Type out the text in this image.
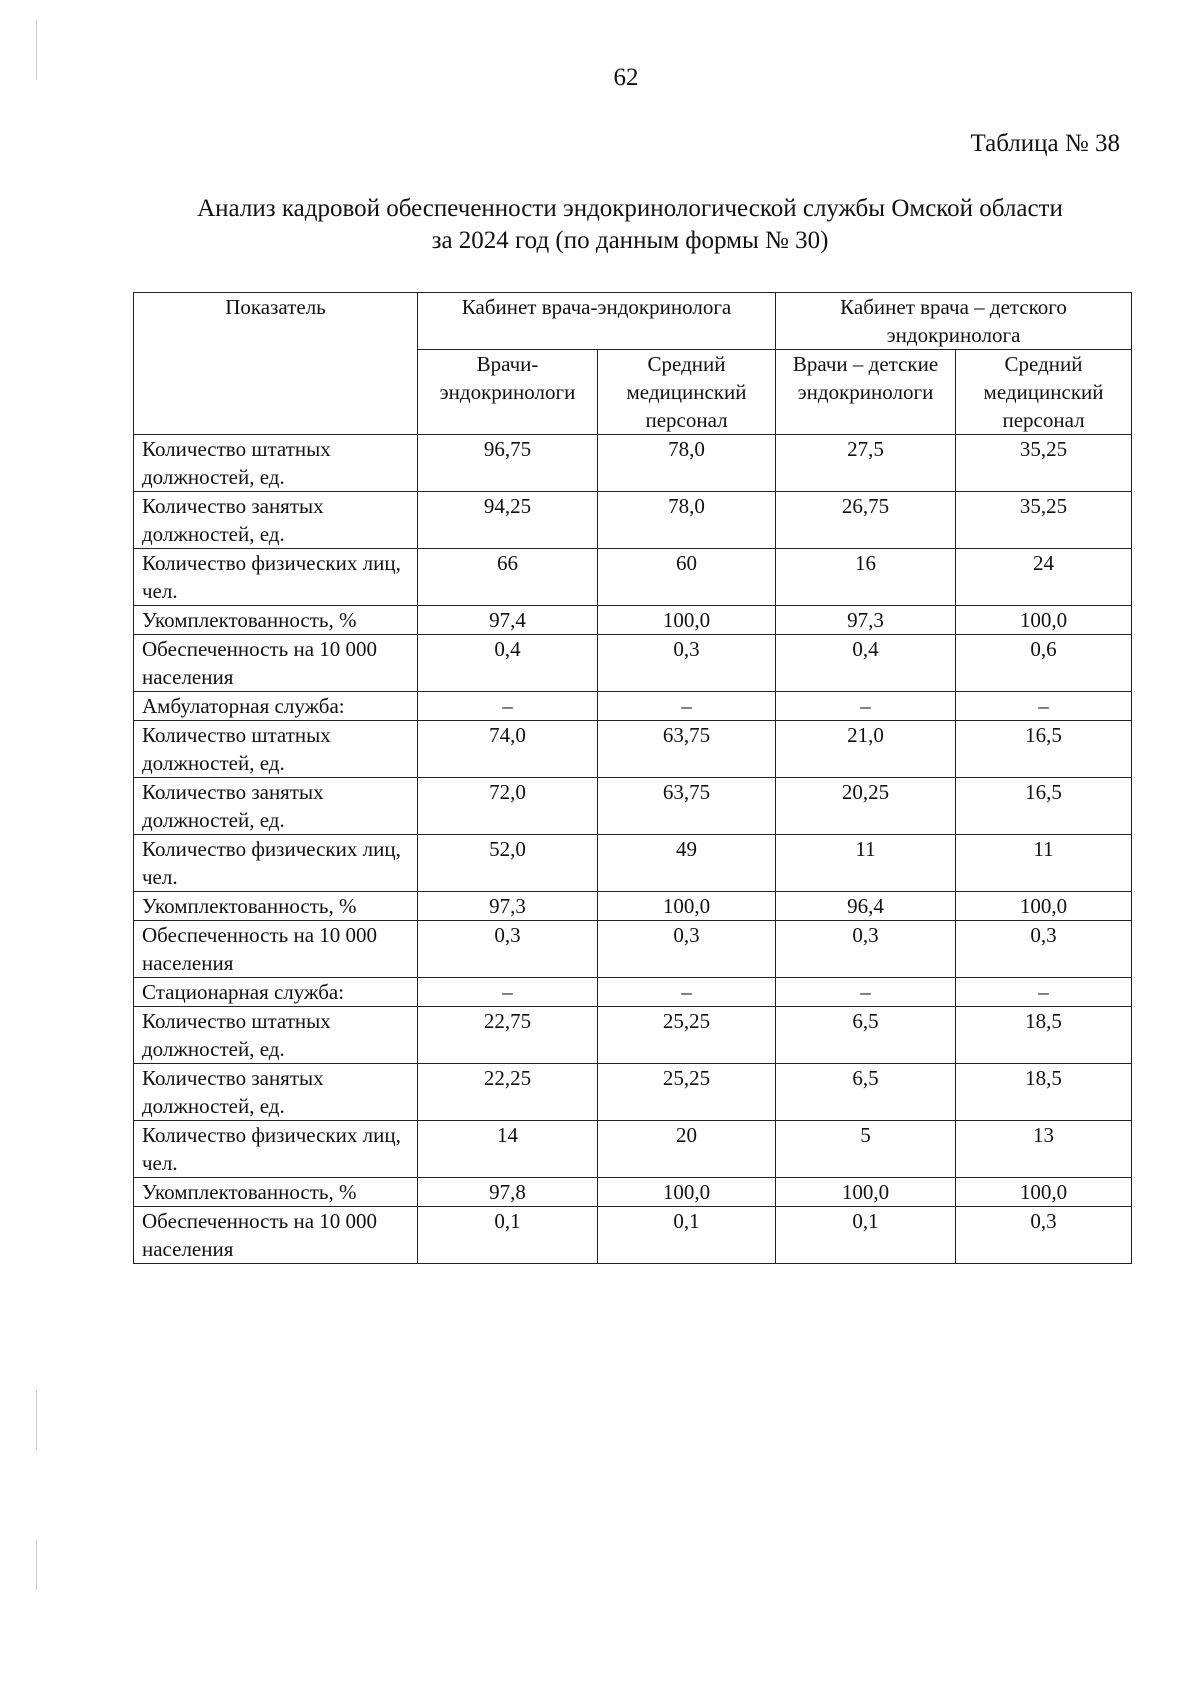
62
Таблица № 38
Анализ кадровой обеспеченности эндокринологической службы Омской области
за 2024 год (по данным формы № 30)
Показатель	Кабинет врача-эндокринолога		Кабинет врача – детского эндокринолога	
	Врачи-эндокринологи	Средний медицинский персонал	Врачи – детские эндокринологи	Средний медицинский персонал
Количество штатных должностей, ед.	96,75	78,0	27,5	35,25
Количество занятых должностей, ед.	94,25	78,0	26,75	35,25
Количество физических лиц, чел.	66	60	16	24
Укомплектованность, %	97,4	100,0	97,3	100,0
Обеспеченность на 10 000 населения	0,4	0,3	0,4	0,6
Амбулаторная служба:	–	–	–	–
Количество штатных должностей, ед.	74,0	63,75	21,0	16,5
Количество занятых должностей, ед.	72,0	63,75	20,25	16,5
Количество физических лиц, чел.	52,0	49	11	11
Укомплектованность, %	97,3	100,0	96,4	100,0
Обеспеченность на 10 000 населения	0,3	0,3	0,3	0,3
Стационарная служба:	–	–	–	–
Количество штатных должностей, ед.	22,75	25,25	6,5	18,5
Количество занятых должностей, ед.	22,25	25,25	6,5	18,5
Количество физических лиц, чел.	14	20	5	13
Укомплектованность, %	97,8	100,0	100,0	100,0
Обеспеченность на 10 000 населения	0,1	0,1	0,1	0,3
